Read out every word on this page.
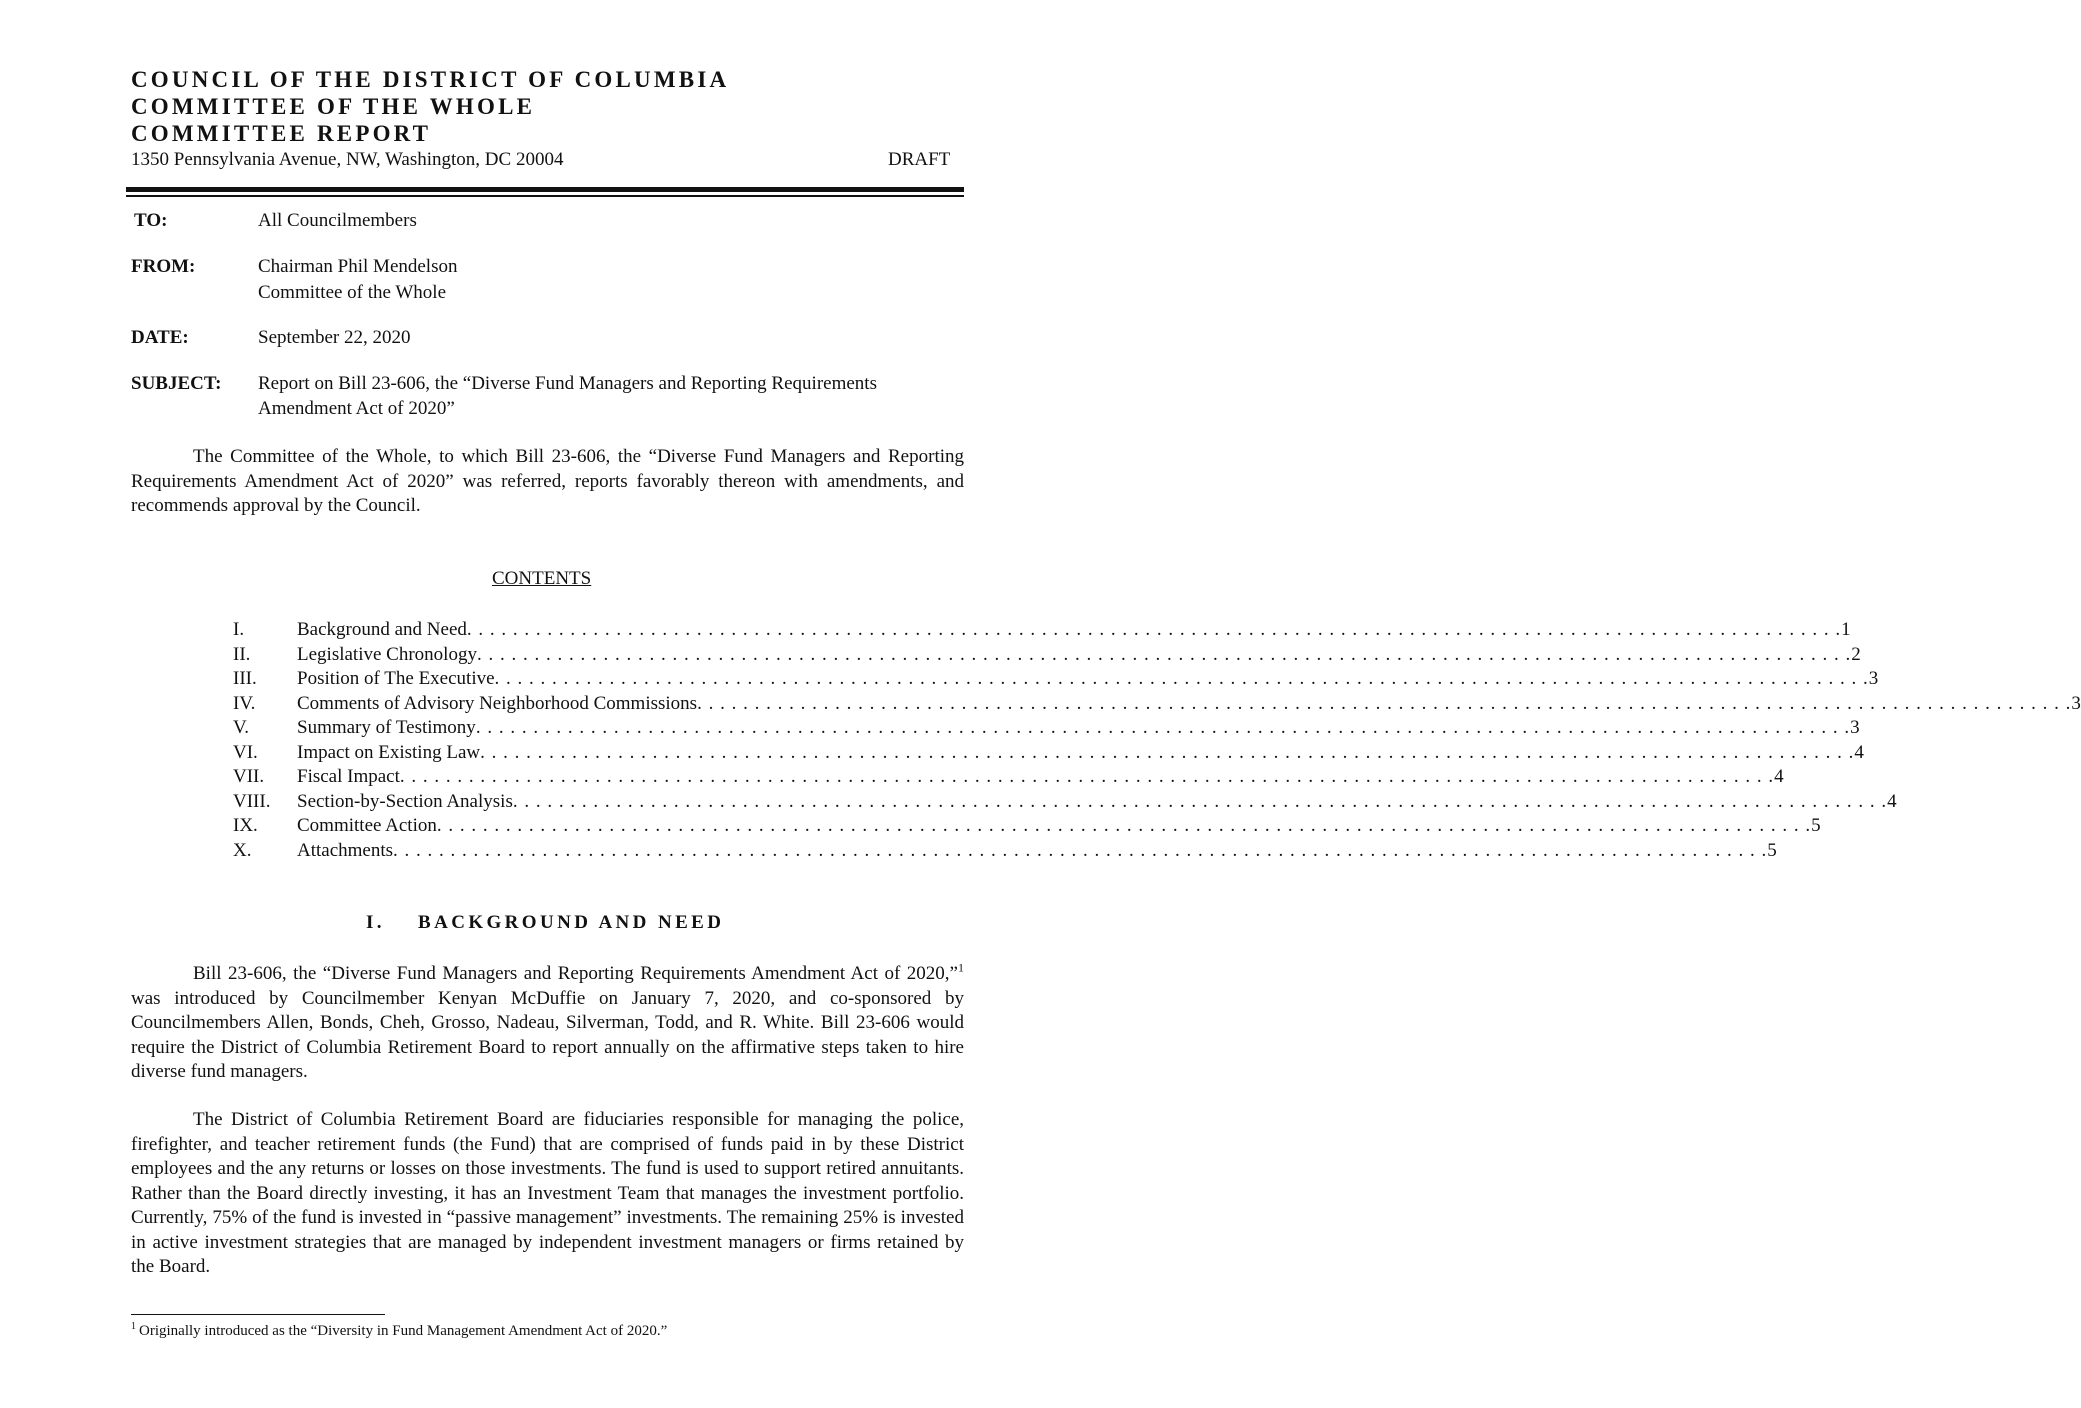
COUNCIL OF THE DISTRICT OF COLUMBIA
COMMITTEE OF THE WHOLE
COMMITTEE REPORT
1350 Pennsylvania Avenue, NW, Washington, DC 20004	DRAFT
TO:	All Councilmembers
FROM:	Chairman Phil Mendelson
Committee of the Whole
DATE:	September 22, 2020
SUBJECT: Report on Bill 23-606, the “Diverse Fund Managers and Reporting Requirements
Amendment Act of 2020”
The Committee of the Whole, to which Bill 23-606, the “Diverse Fund Managers and Reporting Requirements Amendment Act of 2020” was referred, reports favorably thereon with amendments, and recommends approval by the Council.
CONTENTS
I.	Background and Need . . . . . . . . . . . . . . . . . . . . . . . . . . . . . . . . . . . . . . . . . . . . . . . . . . . . . . . . . . . . . . . . . . . . . . . . . . . . . . . . . . . . . . . . . . . . . . . . . . . . . . . . . . . . . . . . . . . . . . . . 1
II. Legislative Chronology . . . . . . . . . . . . . . . . . . . . . . . . . . . . . . . . . . . . . . . . . . . . . . . . . . . . . . . . . . . . . . . . . . . . . . . . . . . . . . . . . . . . . . . . . . . . . . . . . . . . . . . . . . . . . . . . . . . . . . . . 2
III. Position of The Executive . . . . . . . . . . . . . . . . . . . . . . . . . . . . . . . . . . . . . . . . . . . . . . . . . . . . . . . . . . . . . . . . . . . . . . . . . . . . . . . . . . . . . . . . . . . . . . . . . . . . . . . . . . . . . . . . . . . . . . . . 3
IV. Comments of Advisory Neighborhood Commissions . . . . . . . . . . . . . . . . . . . . . . . . . . . . . . . . . . . . . . . . . . . . . . . . . . . . . . . . . . . . . . . . . . . . . . . . . . . . . . . . . . . . . . . . . . . . . . . . . . . . . . . . . . . . . . . . . . . . . . . . 3
V.	Summary of Testimony . . . . . . . . . . . . . . . . . . . . . . . . . . . . . . . . . . . . . . . . . . . . . . . . . . . . . . . . . . . . . . . . . . . . . . . . . . . . . . . . . . . . . . . . . . . . . . . . . . . . . . . . . . . . . . . . . . . . . . . . 3
VI. Impact on Existing Law . . . . . . . . . . . . . . . . . . . . . . . . . . . . . . . . . . . . . . . . . . . . . . . . . . . . . . . . . . . . . . . . . . . . . . . . . . . . . . . . . . . . . . . . . . . . . . . . . . . . . . . . . . . . . . . . . . . . . . . . 4
VII. Fiscal Impact . . . . . . . . . . . . . . . . . . . . . . . . . . . . . . . . . . . . . . . . . . . . . . . . . . . . . . . . . . . . . . . . . . . . . . . . . . . . . . . . . . . . . . . . . . . . . . . . . . . . . . . . . . . . . . . . . . . . . . . . 4
VIII. Section-by-Section Analysis . . . . . . . . . . . . . . . . . . . . . . . . . . . . . . . . . . . . . . . . . . . . . . . . . . . . . . . . . . . . . . . . . . . . . . . . . . . . . . . . . . . . . . . . . . . . . . . . . . . . . . . . . . . . . . . . . . . . . . . . 4
IX. Committee Action . . . . . . . . . . . . . . . . . . . . . . . . . . . . . . . . . . . . . . . . . . . . . . . . . . . . . . . . . . . . . . . . . . . . . . . . . . . . . . . . . . . . . . . . . . . . . . . . . . . . . . . . . . . . . . . . . . . . . . . . 5
X. Attachments . . . . . . . . . . . . . . . . . . . . . . . . . . . . . . . . . . . . . . . . . . . . . . . . . . . . . . . . . . . . . . . . . . . . . . . . . . . . . . . . . . . . . . . . . . . . . . . . . . . . . . . . . . . . . . . . . . . . . . . . 5
I. BACKGROUND AND NEED
Bill 23-606, the “Diverse Fund Managers and Reporting Requirements Amendment Act of 2020,”$^1$ was introduced by Councilmember Kenyan McDuffie on January 7, 2020, and co-sponsored by Councilmembers Allen, Bonds, Cheh, Grosso, Nadeau, Silverman, Todd, and R. White. Bill 23-606 would require the District of Columbia Retirement Board to report annually on the affirmative steps taken to hire diverse fund managers.
The District of Columbia Retirement Board are fiduciaries responsible for managing the police, firefighter, and teacher retirement funds (the Fund) that are comprised of funds paid in by these District employees and the any returns or losses on those investments. The fund is used to support retired annuitants. Rather than the Board directly investing, it has an Investment Team that manages the investment portfolio. Currently, 75% of the fund is invested in “passive management” investments. The remaining 25% is invested in active investment strategies that are managed by independent investment managers or firms retained by the Board.
$^1$ Originally introduced as the “Diversity in Fund Management Amendment Act of 2020.”
